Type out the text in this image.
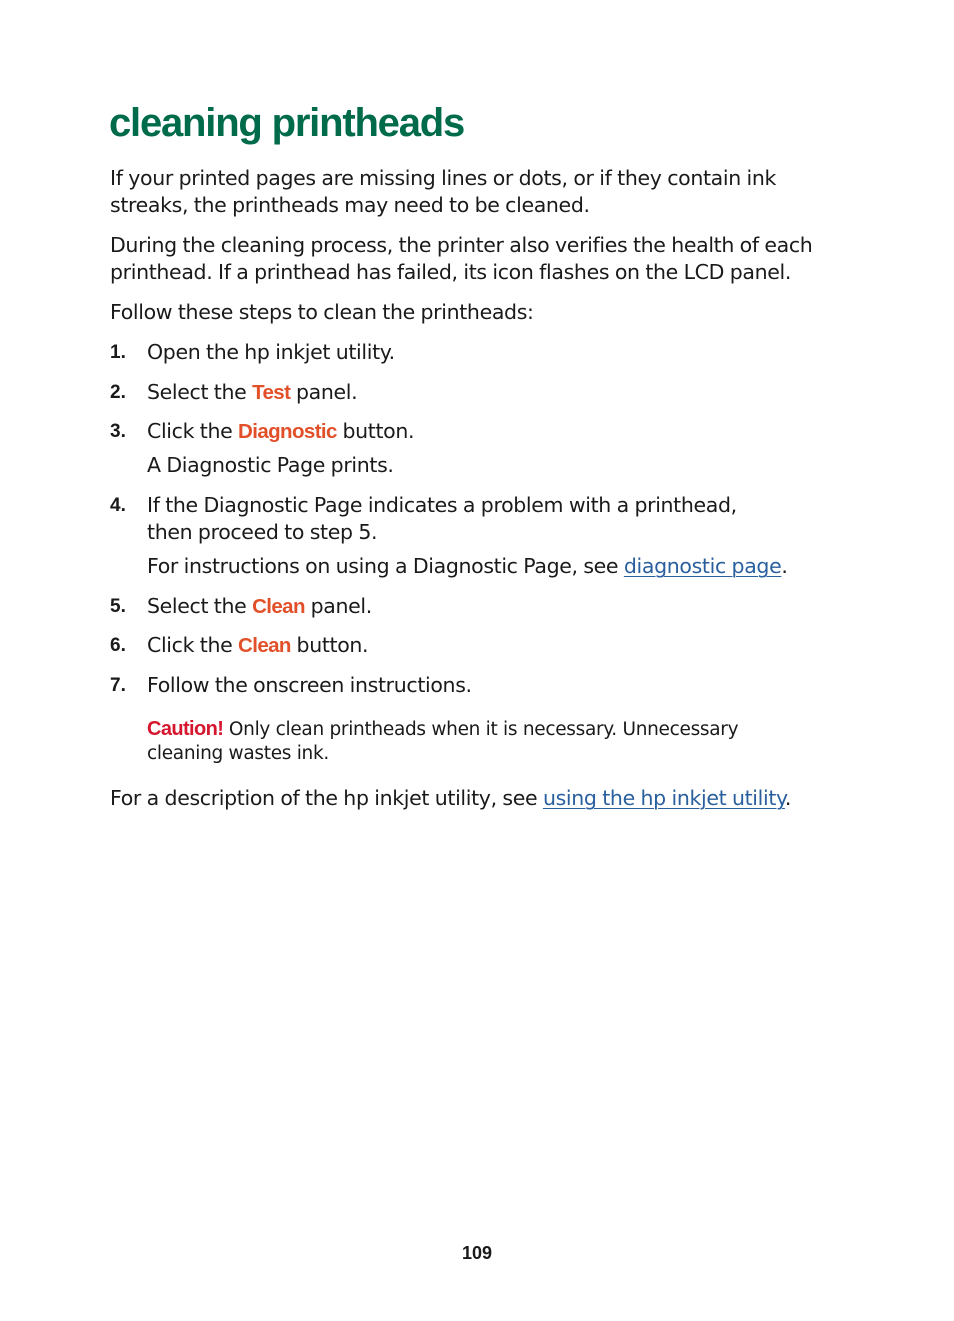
cleaning printheads

If your printed pages are missing lines or dots, or if they contain ink streaks, the printheads may need to be cleaned.

During the cleaning process, the printer also verifies the health of each printhead. If a printhead has failed, its icon flashes on the LCD panel.

Follow these steps to clean the printheads:

1. Open the hp inkjet utility.

2. Select the Test panel.

3. Click the Diagnostic button.

A Diagnostic Page prints.

4. If the Diagnostic Page indicates a problem with a printhead, then proceed to step 5.

For instructions on using a Diagnostic Page, see diagnostic page.

5. Select the Clean panel.

6. Click the Clean button.

7. Follow the onscreen instructions.

Caution! Only clean printheads when it is necessary. Unnecessary cleaning wastes ink.

For a description of the hp inkjet utility, see using the hp inkjet utility.

109
